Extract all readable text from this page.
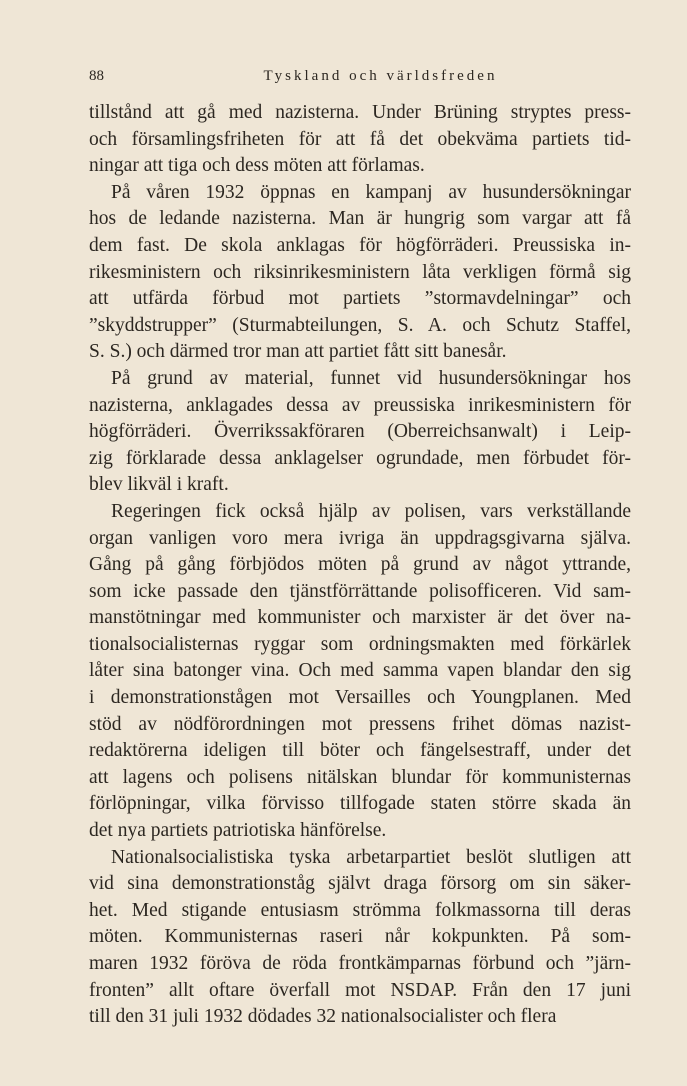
88	Tyskland och världsfreden
tillstånd att gå med nazisterna. Under Brüning stryptes press-
och församlingsfriheten för att få det obekväma partiets tid-
ningar att tiga och dess möten att förlamas.
På våren 1932 öppnas en kampanj av husundersökningar
hos de ledande nazisterna. Man är hungrig som vargar att få
dem fast. De skola anklagas för högförräderi. Preussiska in-
rikesministern och riksinrikesministern låta verkligen förmå sig
att utfärda förbud mot partiets ”stormavdelningar” och
”skyddstrupper” (Sturmabteilungen, S. A. och Schutz Staffel,
S. S.) och därmed tror man att partiet fått sitt banesår.
På grund av material, funnet vid husundersökningar hos
nazisterna, anklagades dessa av preussiska inrikesministern för
högförräderi. Överrikssakföraren (Oberreichsanwalt) i Leip-
zig förklarade dessa anklagelser ogrundade, men förbudet för-
blev likväl i kraft.
Regeringen fick också hjälp av polisen, vars verkställande
organ vanligen voro mera ivriga än uppdragsgivarna själva.
Gång på gång förbjödos möten på grund av något yttrande,
som icke passade den tjänstförrättande polisofficeren. Vid sam-
manstötningar med kommunister och marxister är det över na-
tionalsocialisternas ryggar som ordningsmakten med förkärlek
låter sina batonger vina. Och med samma vapen blandar den sig
i demonstrationstågen mot Versailles och Youngplanen. Med
stöd av nödförordningen mot pressens frihet dömas nazist-
redaktörerna ideligen till böter och fängelsestraff, under det
att lagens och polisens nitälskan blundar för kommunisternas
förlöpningar, vilka förvisso tillfogade staten större skada än
det nya partiets patriotiska hänförelse.
Nationalsocialistiska tyska arbetarpartiet beslöt slutligen att
vid sina demonstrationståg självt draga försorg om sin säker-
het. Med stigande entusiasm strömma folkmassorna till deras
möten. Kommunisternas raseri når kokpunkten. På som-
maren 1932 föröva de röda frontkämparnas förbund och ”järn-
fronten” allt oftare överfall mot NSDAP. Från den 17 juni
till den 31 juli 1932 dödades 32 nationalsocialister och flera
